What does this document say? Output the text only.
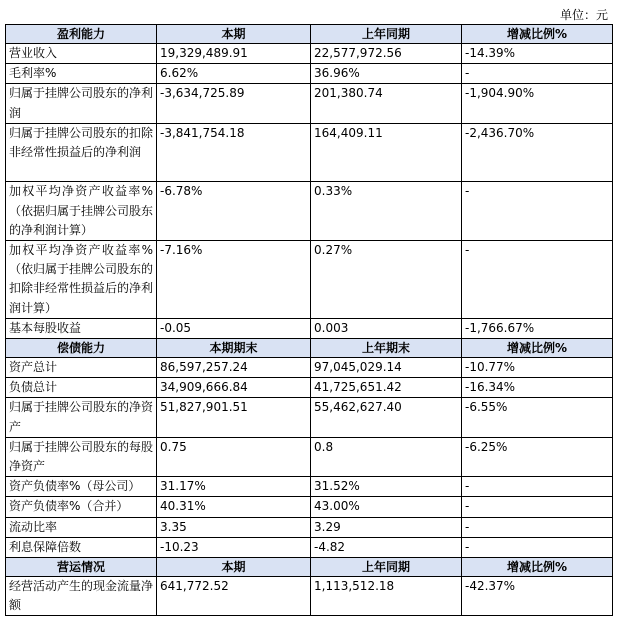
单位：元
盈利能力	本期	上年同期	增减比例%
营业收入	19,329,489.91	22,577,972.56	-14.39%
毛利率%	6.62%	36.96%	-
归属于挂牌公司股东的净利润	-3,634,725.89	201,380.74	-1,904.90%
归属于挂牌公司股东的扣除非经常性损益后的净利润	-3,841,754.18	164,409.11	-2,436.70%
加权平均净资产收益率%（依据归属于挂牌公司股东的净利润计算）	-6.78%	0.33%	-
加权平均净资产收益率%（依归属于挂牌公司股东的扣除非经常性损益后的净利润计算）	-7.16%	0.27%	-
基本每股收益	-0.05	0.003	-1,766.67%
偿债能力	本期期末	上年期末	增减比例%
资产总计	86,597,257.24	97,045,029.14	-10.77%
负债总计	34,909,666.84	41,725,651.42	-16.34%
归属于挂牌公司股东的净资产	51,827,901.51	55,462,627.40	-6.55%
归属于挂牌公司股东的每股净资产	0.75	0.8	-6.25%
资产负债率%（母公司）	31.17%	31.52%	-
资产负债率%（合并）	40.31%	43.00%	-
流动比率	3.35	3.29	-
利息保障倍数	-10.23	-4.82	-
营运情况	本期	上年同期	增减比例%
经营活动产生的现金流量净额	641,772.52	1,113,512.18	-42.37%
